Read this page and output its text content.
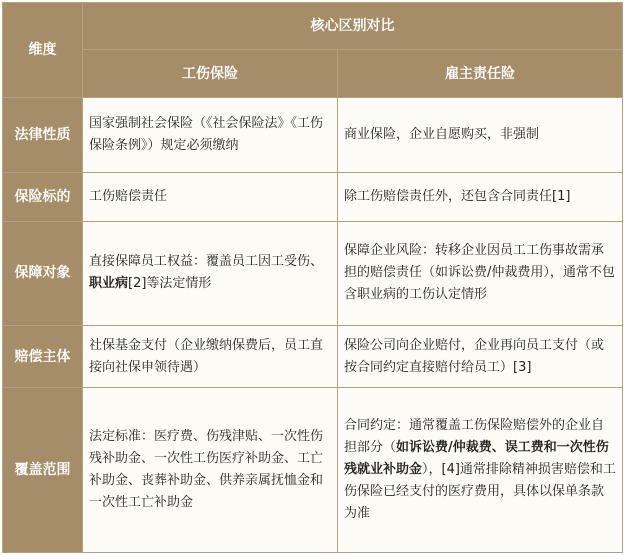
维度	核心区别对比	
	工伤保险	雇主责任险
法律性质	国家强制社会保险（《社会保险法》《工伤保险条例》）规定必须缴纳	商业保险，企业自愿购买，非强制
保险标的	工伤赔偿责任	除工伤赔偿责任外，还包含合同责任[1]
保障对象	直接保障员工权益：覆盖员工因工受伤、职业病[2]等法定情形	保障企业风险：转移企业因员工工伤事故需承担的赔偿责任（如诉讼费/仲裁费用），通常不包含职业病的工伤认定情形
赔偿主体	社保基金支付（企业缴纳保费后，员工直接向社保申领待遇）	保险公司向企业赔付，企业再向员工支付（或按合同约定直接赔付给员工）[3]
覆盖范围	法定标准：医疗费、伤残津贴、一次性伤残补助金、一次性工伤医疗补助金、工亡补助金、丧葬补助金、供养亲属抚恤金和一次性工亡补助金	合同约定：通常覆盖工伤保险赔偿外的企业自担部分（如诉讼费/仲裁费、误工费和一次性伤残就业补助金），[4]通常排除精神损害赔偿和工伤保险已经支付的医疗费用，具体以保单条款为准
